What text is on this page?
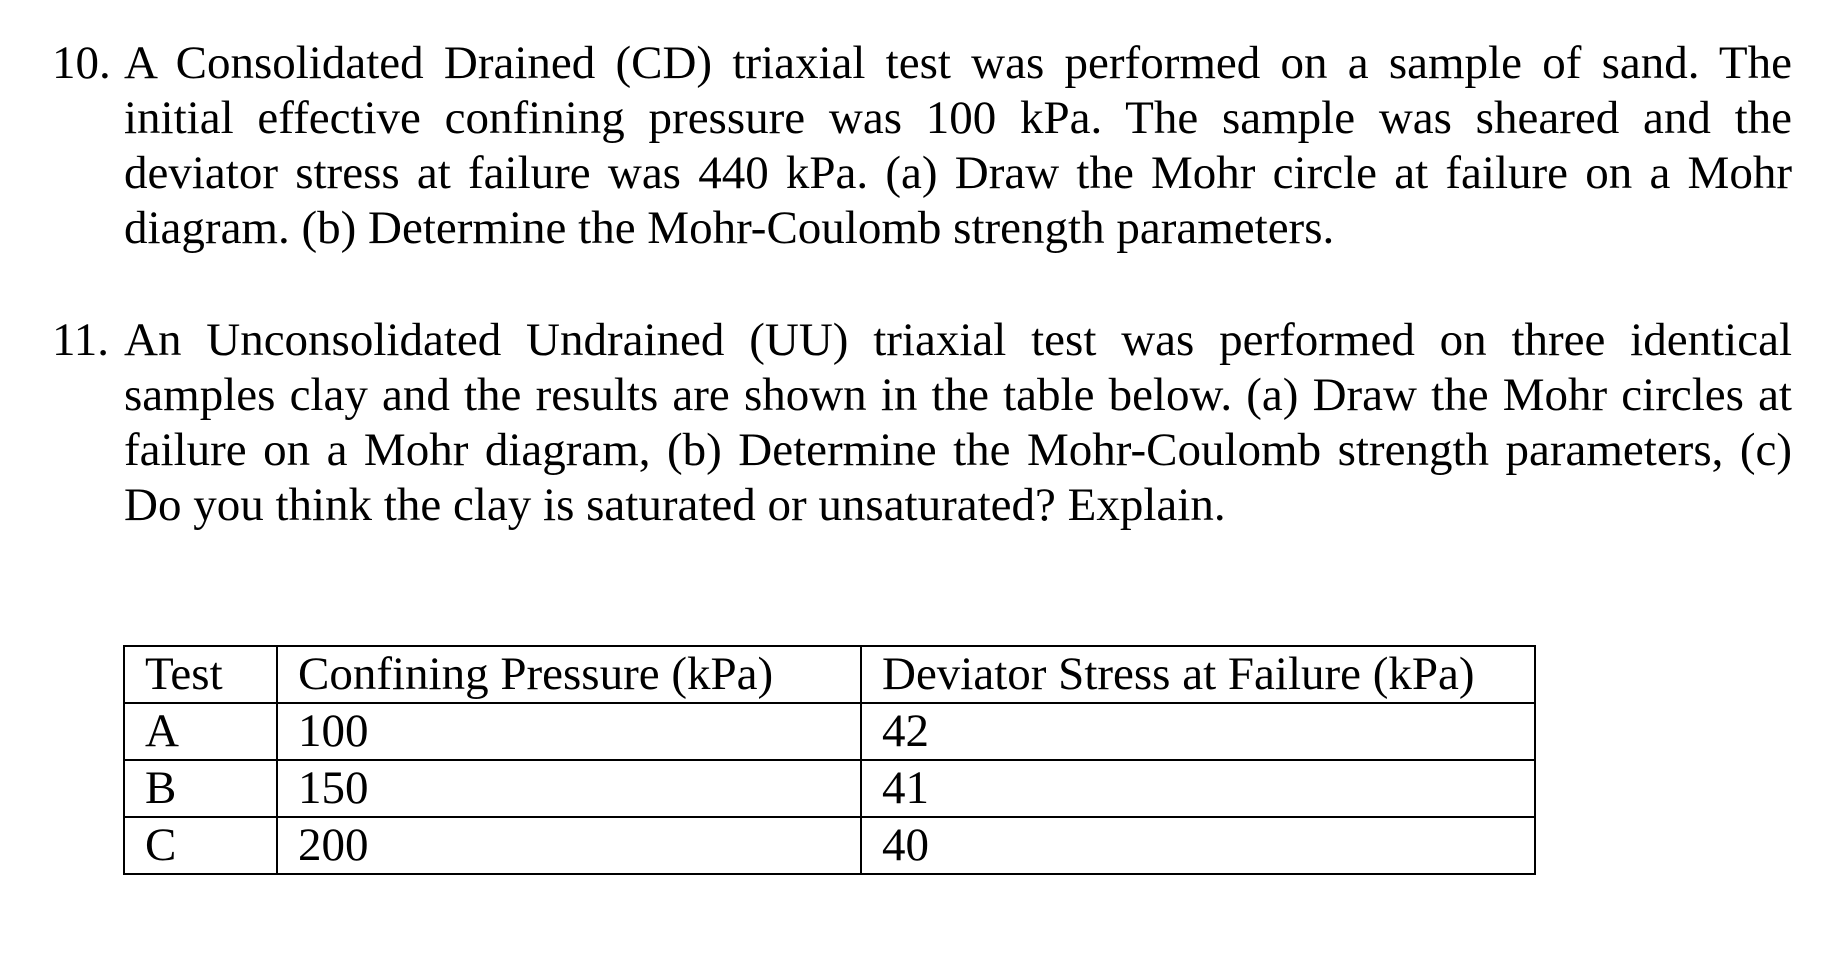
10. A Consolidated Drained (CD) triaxial test was performed on a sample of sand. The initial effective confining pressure was 100 kPa. The sample was sheared and the deviator stress at failure was 440 kPa. (a) Draw the Mohr circle at failure on a Mohr diagram. (b) Determine the Mohr-Coulomb strength parameters.
11. An Unconsolidated Undrained (UU) triaxial test was performed on three identical samples clay and the results are shown in the table below. (a) Draw the Mohr circles at failure on a Mohr diagram, (b) Determine the Mohr-Coulomb strength parameters, (c) Do you think the clay is saturated or unsaturated? Explain.
Test	Confining Pressure (kPa)	Deviator Stress at Failure (kPa)
A	100	42
B	150	41
C	200	40
